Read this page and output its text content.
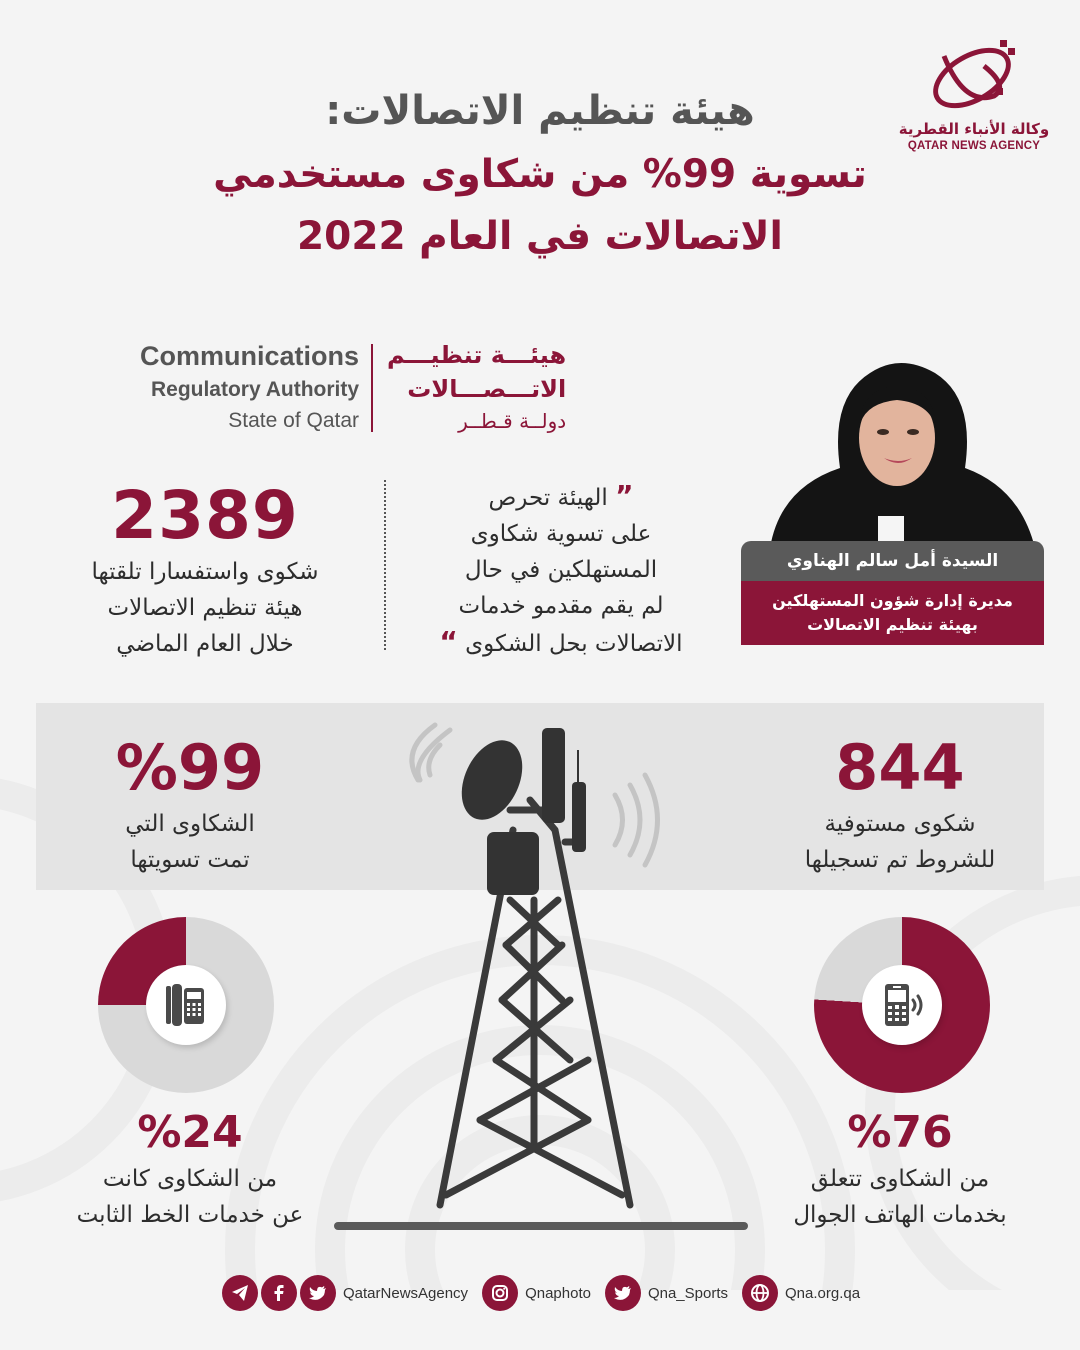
وكالة الأنباء القطرية
QATAR NEWS AGENCY
هيئة تنظيم الاتصالات:
تسوية 99% من شكاوى مستخدمي
الاتصالات في العام 2022
Communications
Regulatory Authority
State of Qatar
هيئـــة تنظيـــم
الاتـــصـــالات
دولــة قـطــر
السيدة أمل سالم الهناوي
مديرة إدارة شؤون المستهلكين
بهيئة تنظيم الاتصالات
2389
شكوى واستفسارا تلقتها
هيئة تنظيم الاتصالات
خلال العام الماضي
” الهيئة تحرص
على تسوية شكاوى
المستهلكين في حال
لم يقم مقدمو خدمات
الاتصالات بحل الشكوى “
%99
الشكاوى التي
تمت تسويتها
844
شكوى مستوفية
للشروط تم تسجيلها
%24
من الشكاوى كانت
عن خدمات الخط الثابت
%76
من الشكاوى تتعلق
بخدمات الهاتف الجوال
QatarNewsAgency	Qnaphoto	Qna_Sports	Qna.org.qa
